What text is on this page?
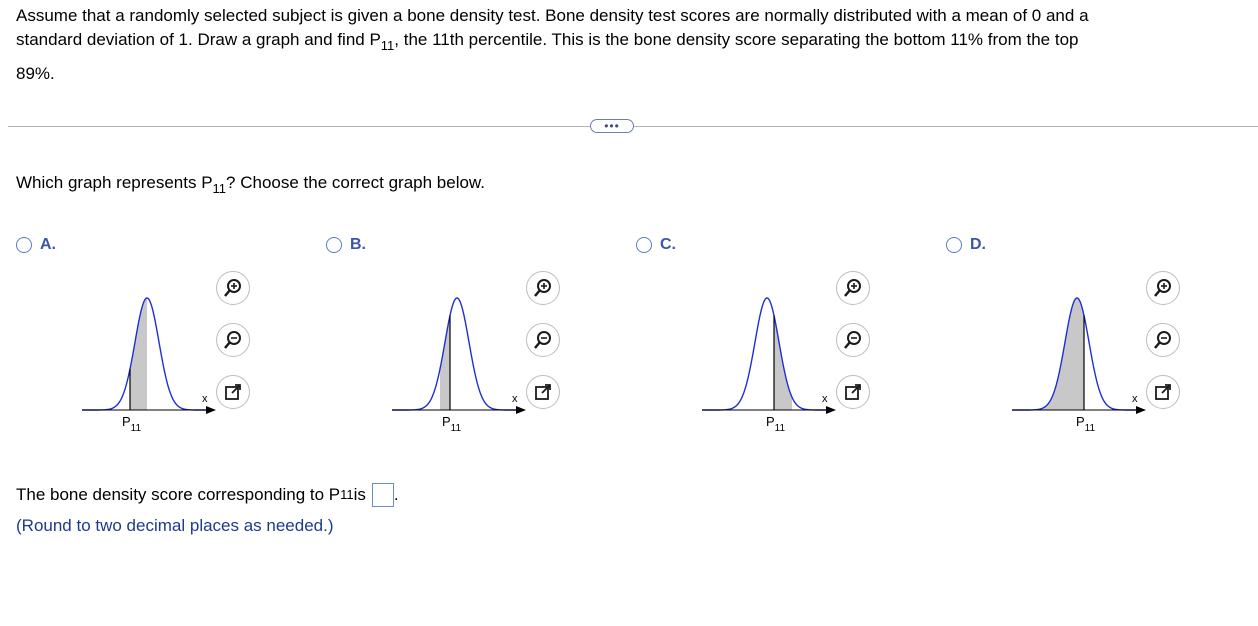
Assume that a randomly selected subject is given a bone density test. Bone density test scores are normally distributed with a mean of 0 and a
standard deviation of 1. Draw a graph and find $P_{11}$, the 11th percentile. This is the bone density score separating the bottom 11% from the top
89%.
•••
Which graph represents $P_{11}$? Choose the correct graph below.
A.
x
$P_{11}$
B.
x
$P_{11}$
C.
x
$P_{11}$
D.
x
$P_{11}$
The bone density score corresponding to P 11 is .
(Round to two decimal places as needed.)
